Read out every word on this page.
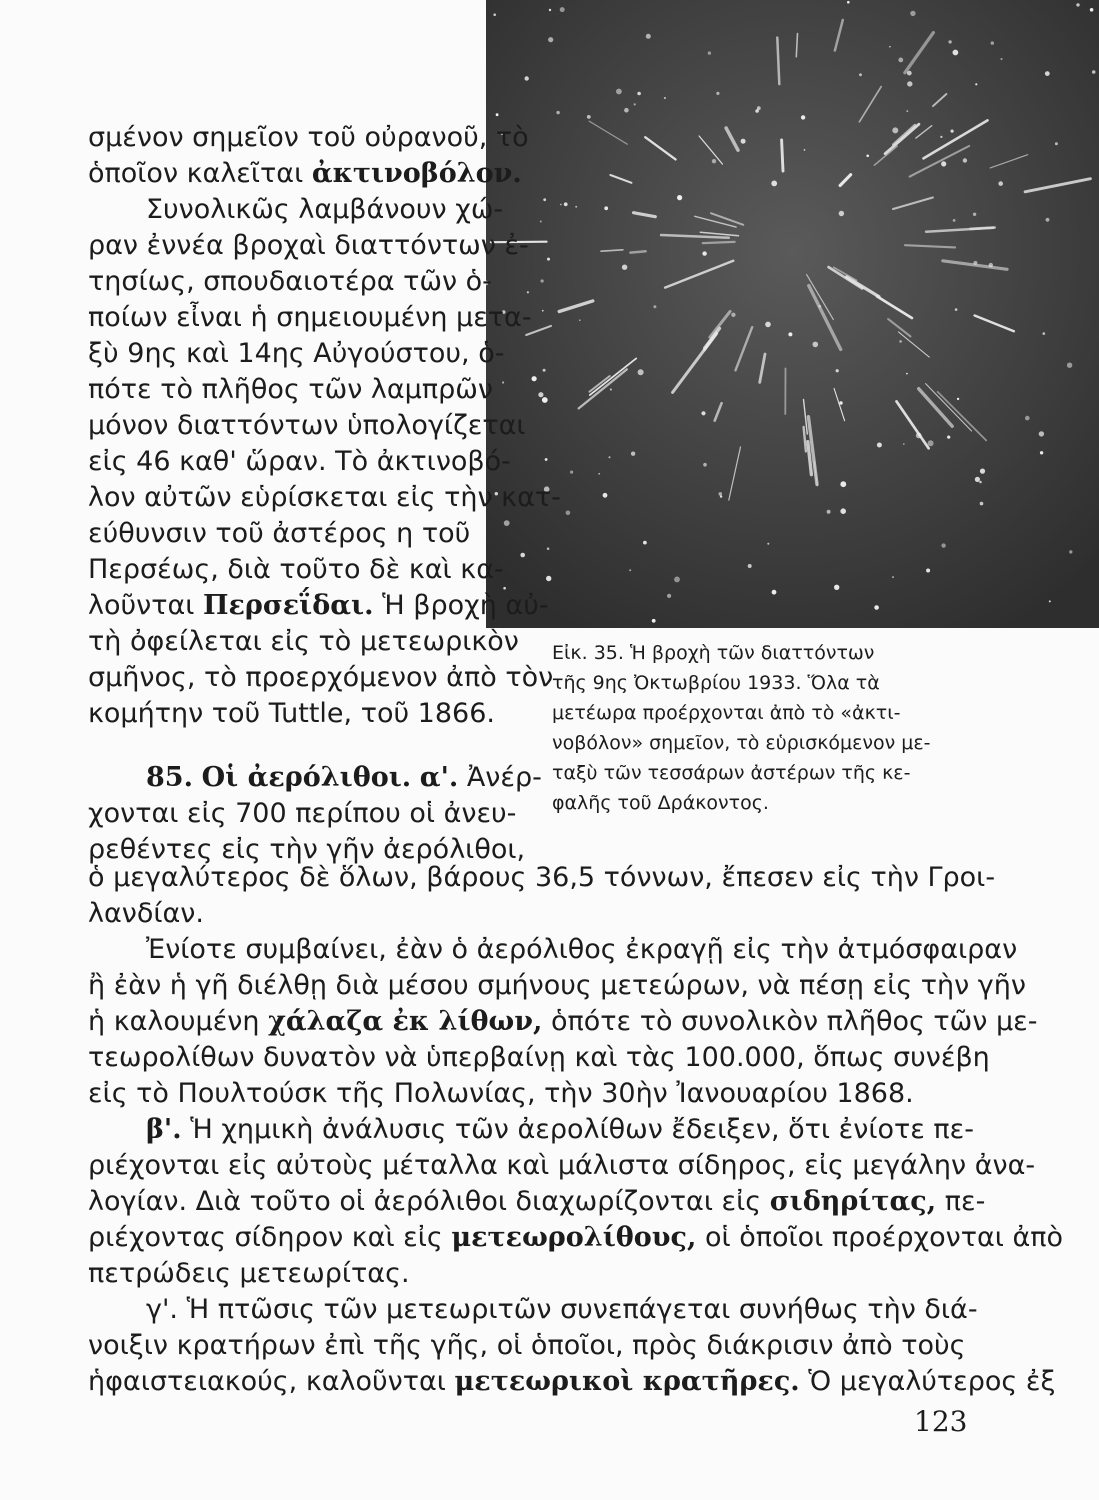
Εἰκ. 35. Ἡ βροχὴ τῶν διαττόντων
τῆς 9ης Ὀκτωβρίου 1933. Ὅλα τὰ
μετέωρα προέρχονται ἀπὸ τὸ «ἀκτι-
νοβόλον» σημεῖον, τὸ εὑρισκόμενον με-
ταξὺ τῶν τεσσάρων ἀστέρων τῆς κε-
φαλῆς τοῦ Δράκοντος.
σμένον σημεῖον τοῦ οὐρανοῦ, τὸ
ὁποῖον καλεῖται ἀκτινοβόλον.
Συνολικῶς λαμβάνουν χώ-
ραν ἐννέα βροχαὶ διαττόντων ἐ-
τησίως, σπουδαιοτέρα τῶν ὁ-
ποίων εἶναι ἡ σημειουμένη μετα-
ξὺ 9ης καὶ 14ης Αὐγούστου, ὁ-
πότε τὸ πλῆθος τῶν λαμπρῶν
μόνον διαττόντων ὑπολογίζεται
εἰς 46 καθ' ὥραν. Τὸ ἀκτινοβό-
λον αὐτῶν εὑρίσκεται εἰς τὴν κατ-
εύθυνσιν τοῦ ἀστέρος η τοῦ
Περσέως, διὰ τοῦτο δὲ καὶ κα-
λοῦνται Περσεΐδαι. Ἡ βροχὴ αὐ-
τὴ ὀφείλεται εἰς τὸ μετεωρικὸν
σμῆνος, τὸ προερχόμενον ἀπὸ τὸν
κομήτην τοῦ Tuttle, τοῦ 1866.
85. Οἱ ἀερόλιθοι. α'. Ἀνέρ-
χονται εἰς 700 περίπου οἱ ἀνευ-
ρεθέντες εἰς τὴν γῆν ἀερόλιθοι,
ὁ μεγαλύτερος δὲ ὅλων, βάρους 36,5 τόννων, ἔπεσεν εἰς τὴν Γροι-
λανδίαν.
Ἐνίοτε συμβαίνει, ἐὰν ὁ ἀερόλιθος ἐκραγῇ εἰς τὴν ἀτμόσφαιραν
ἢ ἐὰν ἡ γῆ διέλθῃ διὰ μέσου σμήνους μετεώρων, νὰ πέσῃ εἰς τὴν γῆν
ἡ καλουμένη χάλαζα ἐκ λίθων, ὁπότε τὸ συνολικὸν πλῆθος τῶν με-
τεωρολίθων δυνατὸν νὰ ὑπερβαίνῃ καὶ τὰς 100.000, ὅπως συνέβη
εἰς τὸ Πουλτούσκ τῆς Πολωνίας, τὴν 30ὴν Ἰανουαρίου 1868.
β'. Ἡ χημικὴ ἀνάλυσις τῶν ἀερολίθων ἔδειξεν, ὅτι ἐνίοτε πε-
ριέχονται εἰς αὐτοὺς μέταλλα καὶ μάλιστα σίδηρος, εἰς μεγάλην ἀνα-
λογίαν. Διὰ τοῦτο οἱ ἀερόλιθοι διαχωρίζονται εἰς σιδηρίτας, πε-
ριέχοντας σίδηρον καὶ εἰς μετεωρολίθους, οἱ ὁποῖοι προέρχονται ἀπὸ
πετρώδεις μετεωρίτας.
γ'. Ἡ πτῶσις τῶν μετεωριτῶν συνεπάγεται συνήθως τὴν διά-
νοιξιν κρατήρων ἐπὶ τῆς γῆς, οἱ ὁποῖοι, πρὸς διάκρισιν ἀπὸ τοὺς
ἡφαιστειακούς, καλοῦνται μετεωρικοὶ κρατῆρες. Ὁ μεγαλύτερος ἐξ
123
